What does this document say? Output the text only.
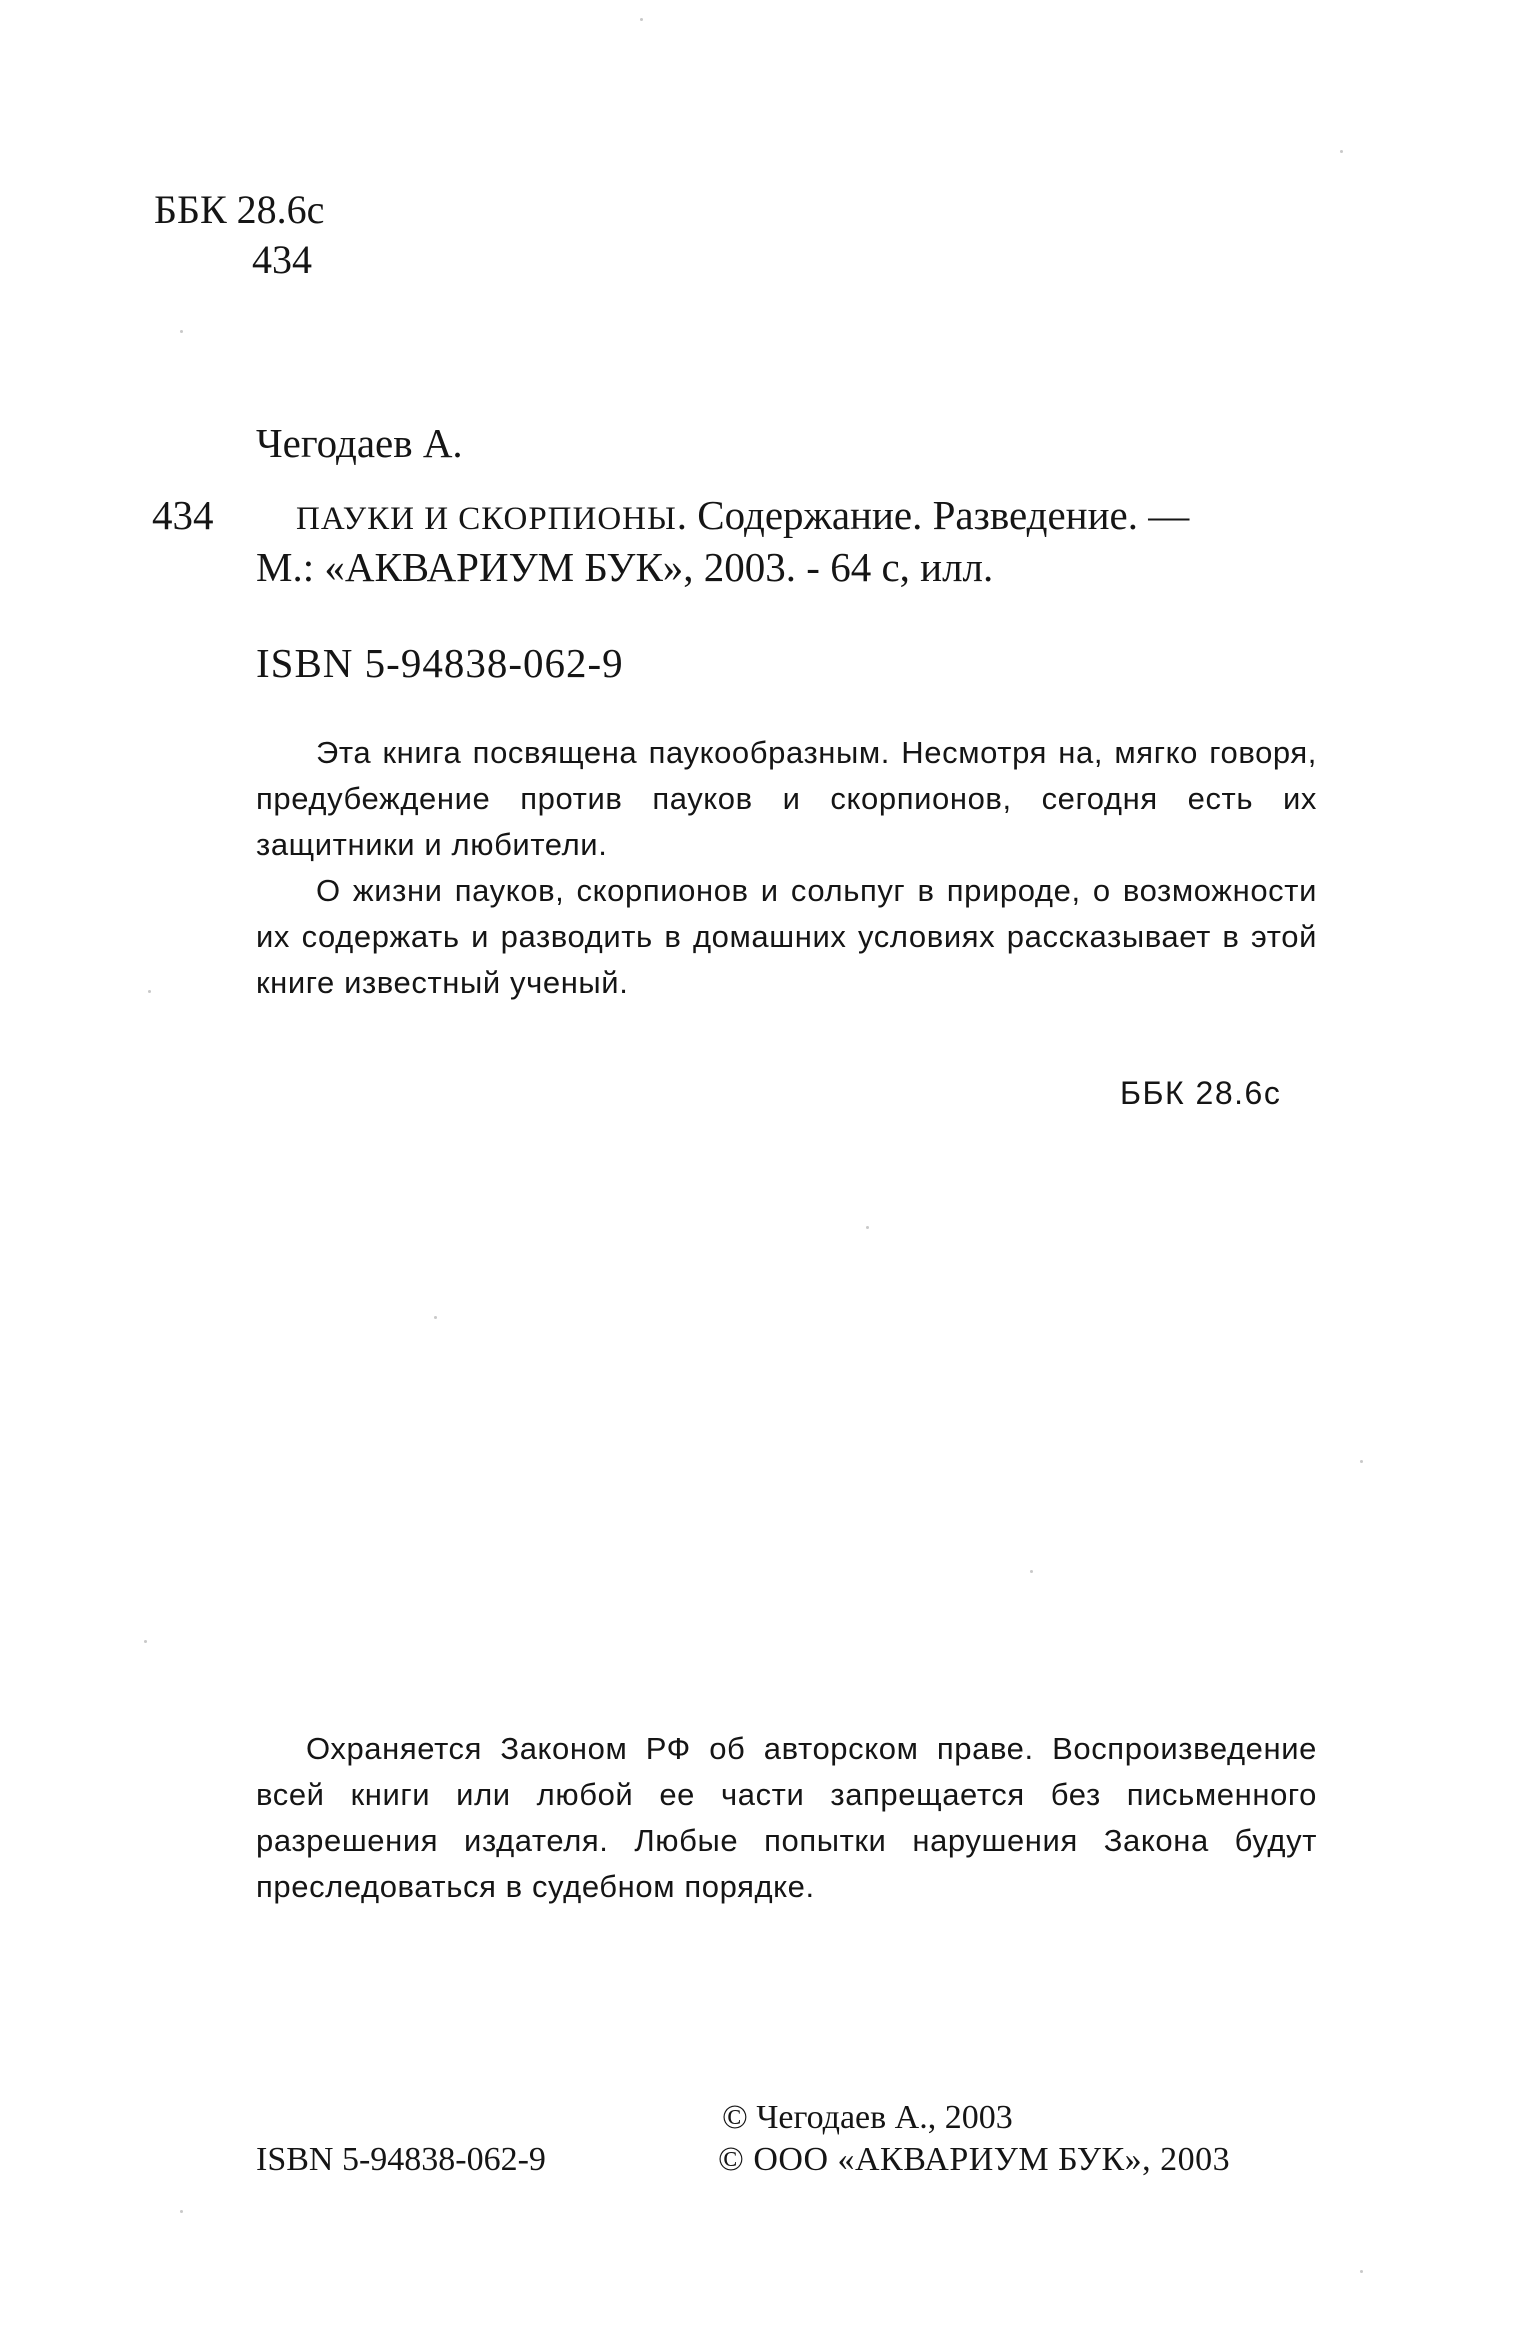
ББК 28.6с
434
Чегодаев А.
434	ПАУКИ И СКОРПИОНЫ. Содержание. Разведение. —
М.: «АКВАРИУМ БУК», 2003. - 64 с, илл.
ISBN 5-94838-062-9

Эта книга посвящена паукообразным. Несмотря на, мягко говоря, предубеждение против пауков и скорпионов, сегодня есть их защитники и любители.

О жизни пауков, скорпионов и сольпуг в природе, о возможности их содержать и разводить в домашних условиях рассказывает в этой книге известный ученый.

ББК 28.6с

Охраняется Законом РФ об авторском праве. Воспроизведение всей книги или любой ее части запрещается без письменного разрешения издателя. Любые попытки нарушения Закона будут преследоваться в судебном порядке.

© Чегодаев А., 2003
ISBN 5-94838-062-9	© ООО «АКВАРИУМ БУК», 2003
